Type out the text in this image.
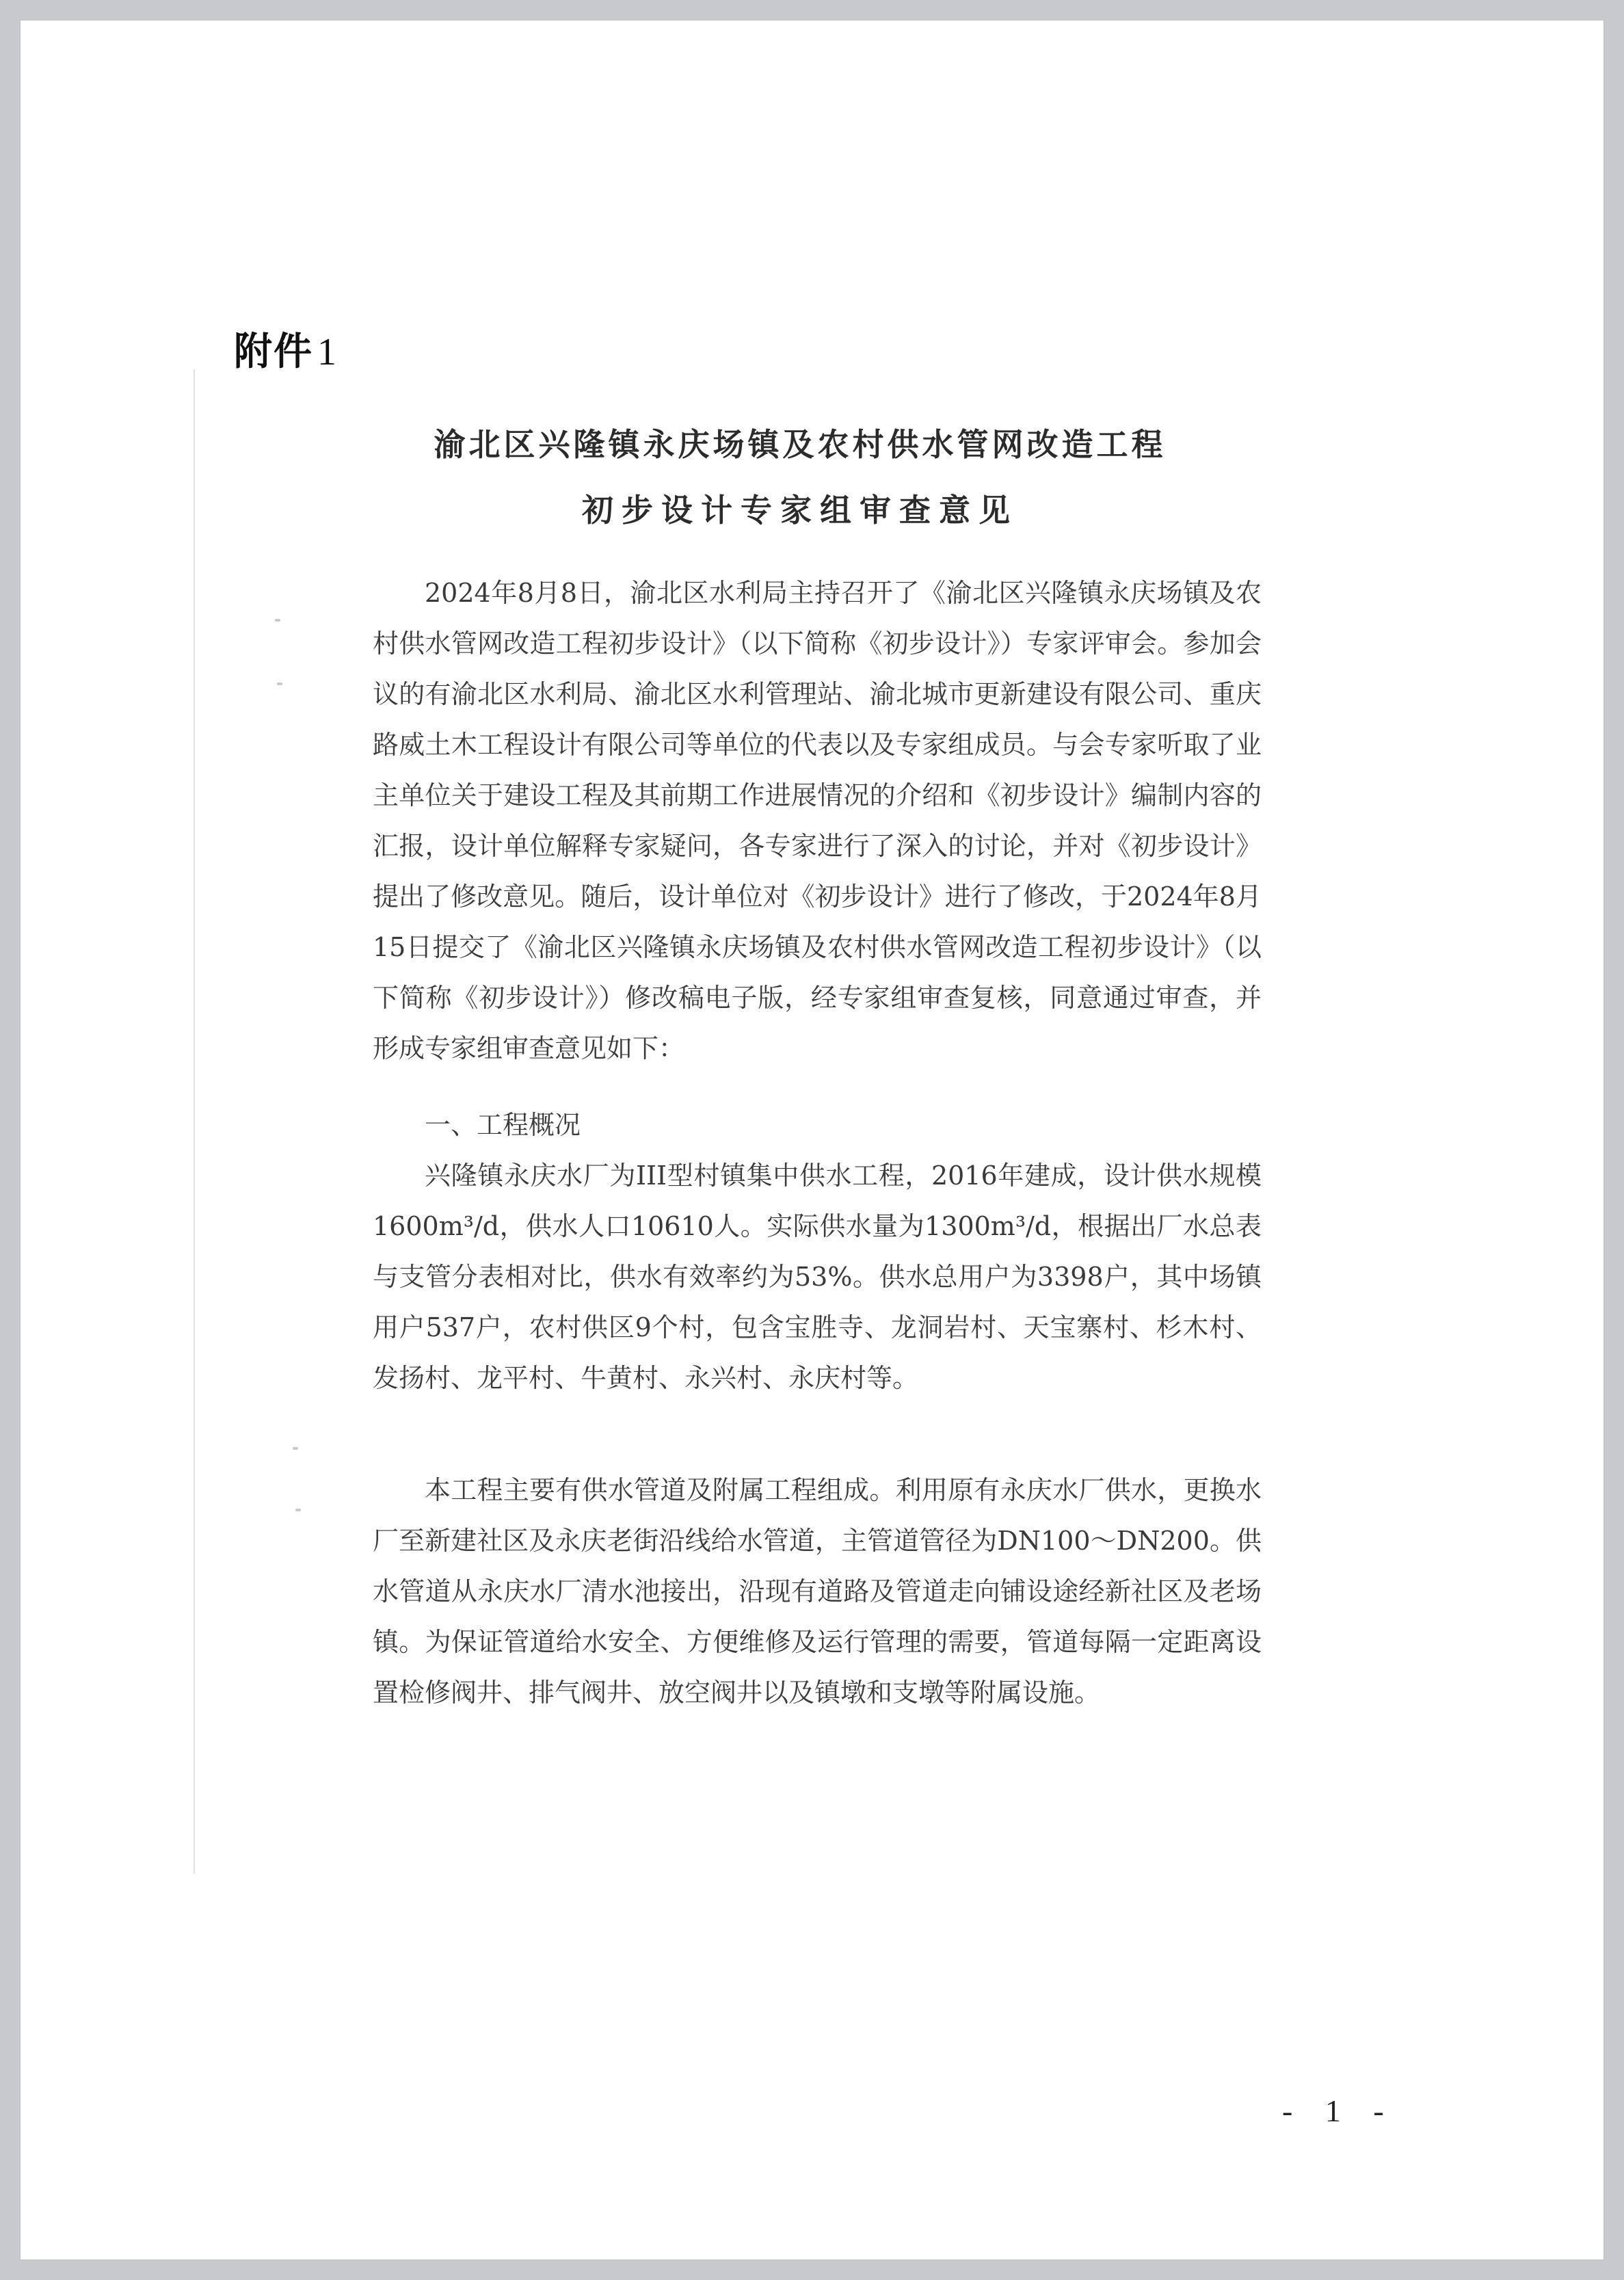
附件 1
渝北区兴隆镇永庆场镇及农村供水管网改造工程
初步设计专家组审查意见

2024年8月8日，渝北区水利局主持召开了《渝北区兴隆镇永庆场镇及农村供水管网改造工程初步设计》（以下简称《初步设计》）专家评审会。参加会议的有渝北区水利局、渝北区水利管理站、渝北城市更新建设有限公司、重庆路威土木工程设计有限公司等单位的代表以及专家组成员。与会专家听取了业主单位关于建设工程及其前期工作进展情况的介绍和《初步设计》编制内容的汇报，设计单位解释专家疑问，各专家进行了深入的讨论，并对《初步设计》提出了修改意见。随后，设计单位对《初步设计》进行了修改，于2024年8月15日提交了《渝北区兴隆镇永庆场镇及农村供水管网改造工程初步设计》（以下简称《初步设计》）修改稿电子版，经专家组审查复核，同意通过审查，并形成专家组审查意见如下：

一、工程概况

兴隆镇永庆水厂为III型村镇集中供水工程，2016年建成，设计供水规模1600m³/d，供水人口10610人。实际供水量为1300m³/d，根据出厂水总表与支管分表相对比，供水有效率约为53%。供水总用户为3398户，其中场镇用户537户，农村供区9个村，包含宝胜寺、龙洞岩村、天宝寨村、杉木村、发扬村、龙平村、牛黄村、永兴村、永庆村等。

本工程主要有供水管道及附属工程组成。利用原有永庆水厂供水，更换水厂至新建社区及永庆老街沿线给水管道，主管道管径为DN100～DN200。供水管道从永庆水厂清水池接出，沿现有道路及管道走向铺设途经新社区及老场镇。为保证管道给水安全、方便维修及运行管理的需要，管道每隔一定距离设置检修阀井、排气阀井、放空阀井以及镇墩和支墩等附属设施。

- 1 -
